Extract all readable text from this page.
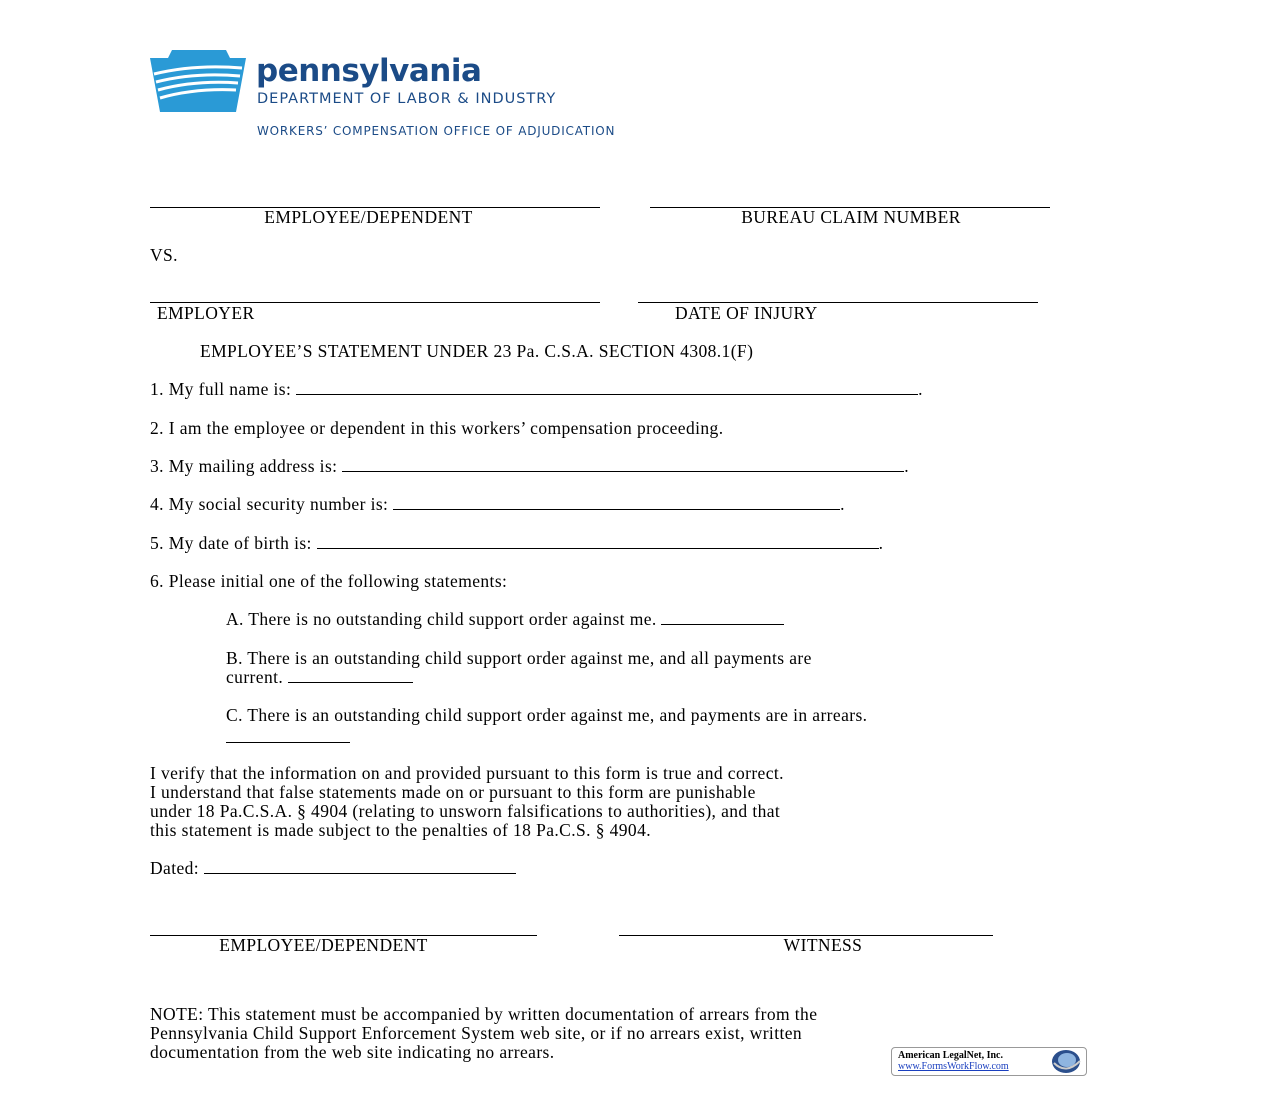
pennsylvania
DEPARTMENT OF LABOR & INDUSTRY
WORKERS’ COMPENSATION OFFICE OF ADJUDICATION
EMPLOYEE/DEPENDENT	BUREAU CLAIM NUMBER
VS.
EMPLOYER	DATE OF INJURY
EMPLOYEE’S STATEMENT UNDER 23 Pa. C.S.A. SECTION 4308.1(F)
1. My full name is:	.
2. I am the employee or dependent in this workers’ compensation proceeding.
3. My mailing address is:	.
4. My social security number is:	.
5. My date of birth is:	.
6. Please initial one of the following statements:
A. There is no outstanding child support order against me.
B. There is an outstanding child support order against me, and all payments are
current.
C. There is an outstanding child support order against me, and payments are in arrears.
I verify that the information on and provided pursuant to this form is true and correct.
I understand that false statements made on or pursuant to this form are punishable
under 18 Pa.C.S.A. § 4904 (relating to unsworn falsifications to authorities), and that
this statement is made subject to the penalties of 18 Pa.C.S. § 4904.
Dated:
EMPLOYEE/DEPENDENT	WITNESS
NOTE: This statement must be accompanied by written documentation of arrears from the
Pennsylvania Child Support Enforcement System web site, or if no arrears exist, written
documentation from the web site indicating no arrears.	American LegalNet, Inc.
www.FormsWorkFlow.com
